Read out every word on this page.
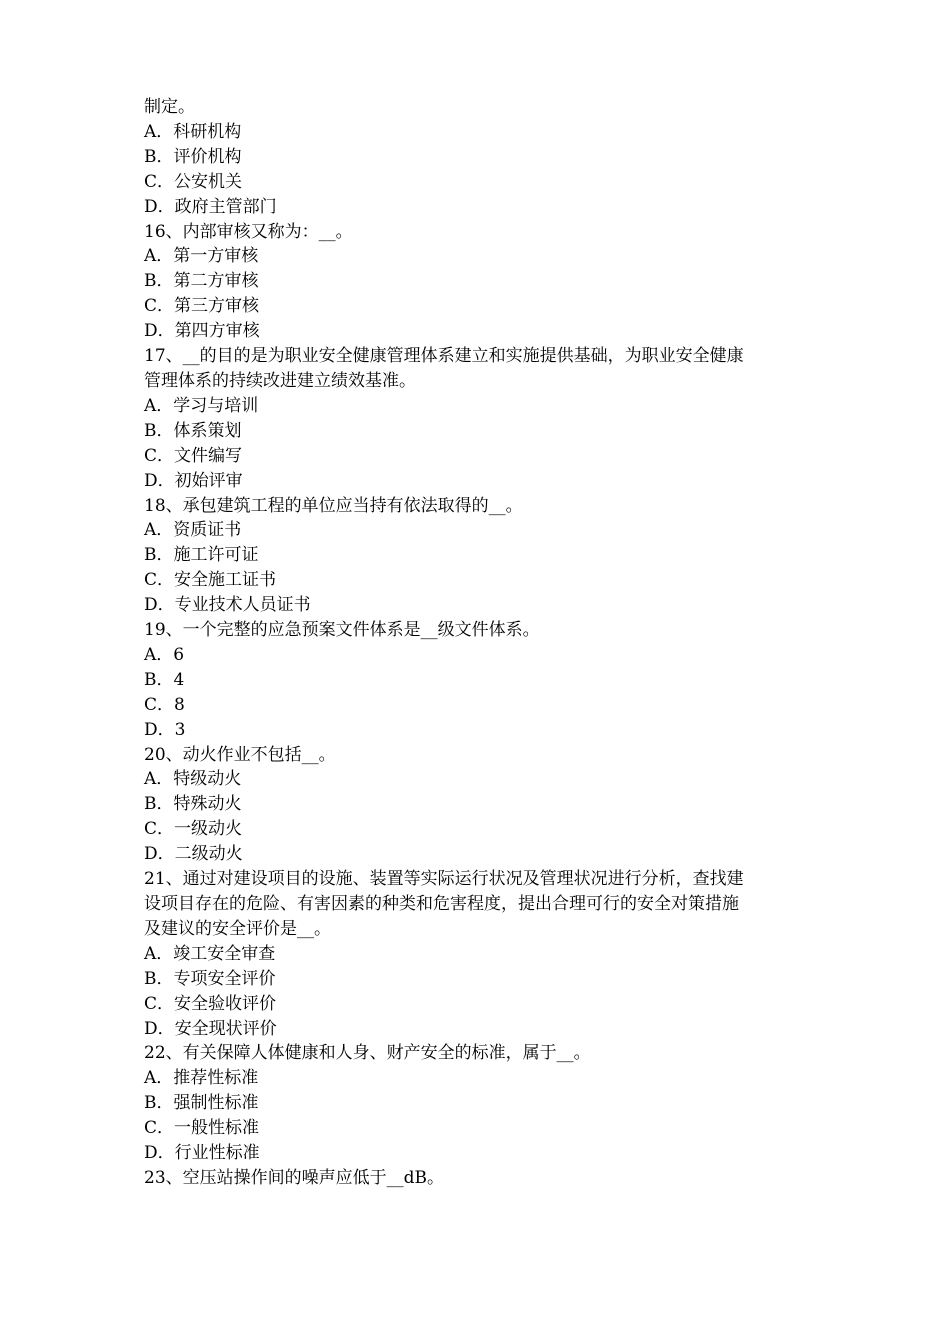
制定。
A．科研机构
B．评价机构
C．公安机关
D．政府主管部门
16、内部审核又称为：__。
A．第一方审核
B．第二方审核
C．第三方审核
D．第四方审核
17、__的目的是为职业安全健康管理体系建立和实施提供基础，为职业安全健康
管理体系的持续改进建立绩效基准。
A．学习与培训
B．体系策划
C．文件编写
D．初始评审
18、承包建筑工程的单位应当持有依法取得的__。
A．资质证书
B．施工许可证
C．安全施工证书
D．专业技术人员证书
19、一个完整的应急预案文件体系是__级文件体系。
A．6
B．4
C．8
D．3
20、动火作业不包括__。
A．特级动火
B．特殊动火
C．一级动火
D．二级动火
21、通过对建设项目的设施、装置等实际运行状况及管理状况进行分析，查找建
设项目存在的危险、有害因素的种类和危害程度，提出合理可行的安全对策措施
及建议的安全评价是__。
A．竣工安全审查
B．专项安全评价
C．安全验收评价
D．安全现状评价
22、有关保障人体健康和人身、财产安全的标准，属于__。
A．推荐性标准
B．强制性标准
C．一般性标准
D．行业性标准
23、空压站操作间的噪声应低于__dB。
